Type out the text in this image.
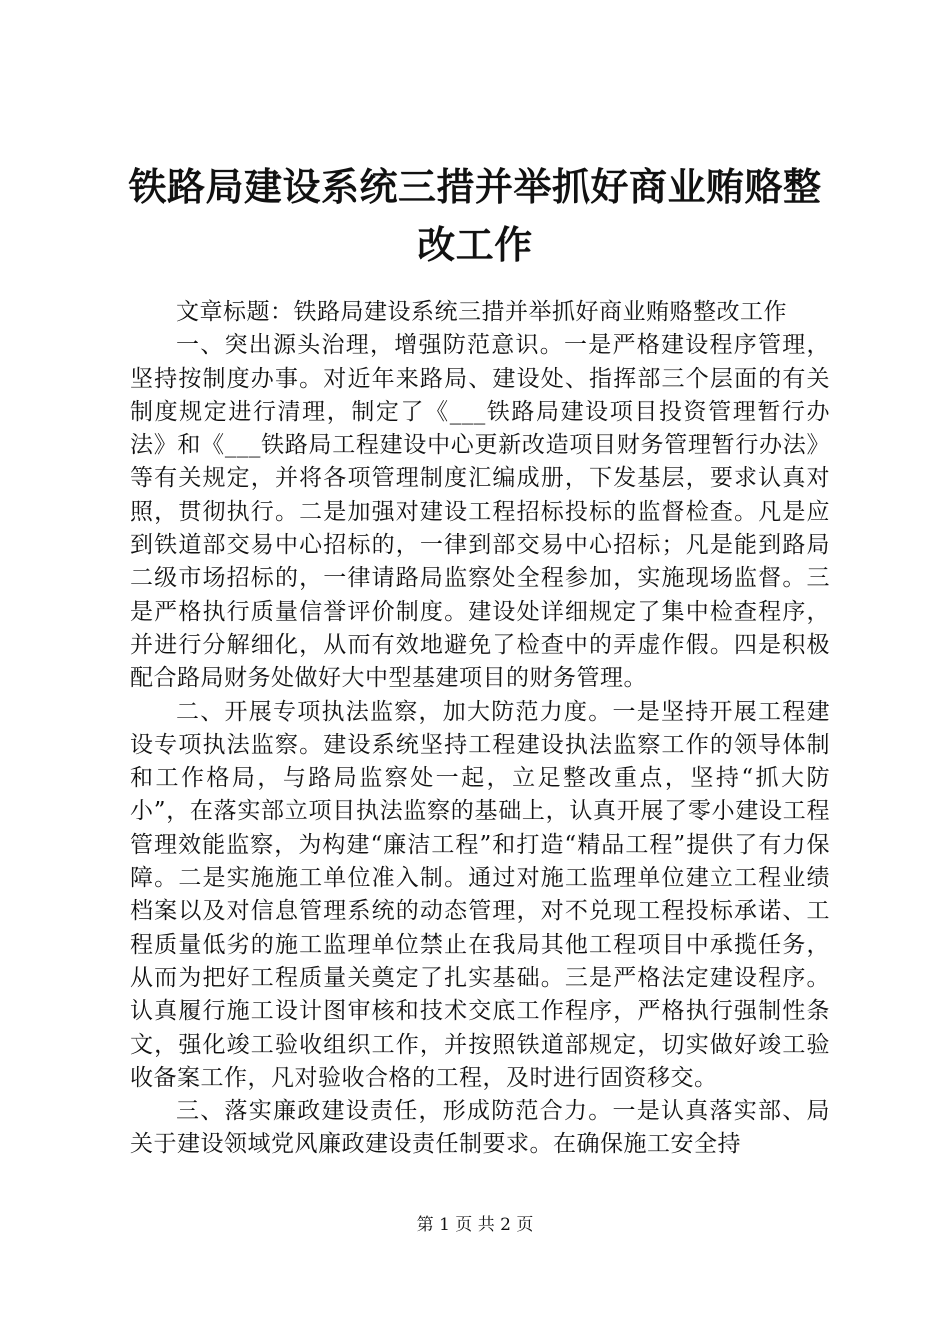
铁路局建设系统三措并举抓好商业贿赂整改工作

文章标题：铁路局建设系统三措并举抓好商业贿赂整改工作

一、突出源头治理，增强防范意识。一是严格建设程序管理，坚持按制度办事。对近年来路局、建设处、指挥部三个层面的有关制度规定进行清理，制定了《___铁路局建设项目投资管理暂行办法》和《___铁路局工程建设中心更新改造项目财务管理暂行办法》等有关规定，并将各项管理制度汇编成册，下发基层，要求认真对照，贯彻执行。二是加强对建设工程招标投标的监督检查。凡是应到铁道部交易中心招标的，一律到部交易中心招标；凡是能到路局二级市场招标的，一律请路局监察处全程参加，实施现场监督。三是严格执行质量信誉评价制度。建设处详细规定了集中检查程序，并进行分解细化，从而有效地避免了检查中的弄虚作假。四是积极配合路局财务处做好大中型基建项目的财务管理。

二、开展专项执法监察，加大防范力度。一是坚持开展工程建设专项执法监察。建设系统坚持工程建设执法监察工作的领导体制和工作格局，与路局监察处一起，立足整改重点，坚持“抓大防小”，在落实部立项目执法监察的基础上，认真开展了零小建设工程管理效能监察，为构建“廉洁工程”和打造“精品工程”提供了有力保障。二是实施施工单位准入制。通过对施工监理单位建立工程业绩档案以及对信息管理系统的动态管理，对不兑现工程投标承诺、工程质量低劣的施工监理单位禁止在我局其他工程项目中承揽任务，从而为把好工程质量关奠定了扎实基础。三是严格法定建设程序。认真履行施工设计图审核和技术交底工作程序，严格执行强制性条文，强化竣工验收组织工作，并按照铁道部规定，切实做好竣工验收备案工作，凡对验收合格的工程，及时进行固资移交。

三、落实廉政建设责任，形成防范合力。一是认真落实部、局关于建设领域党风廉政建设责任制要求。在确保施工安全持

第 1 页 共 2 页
